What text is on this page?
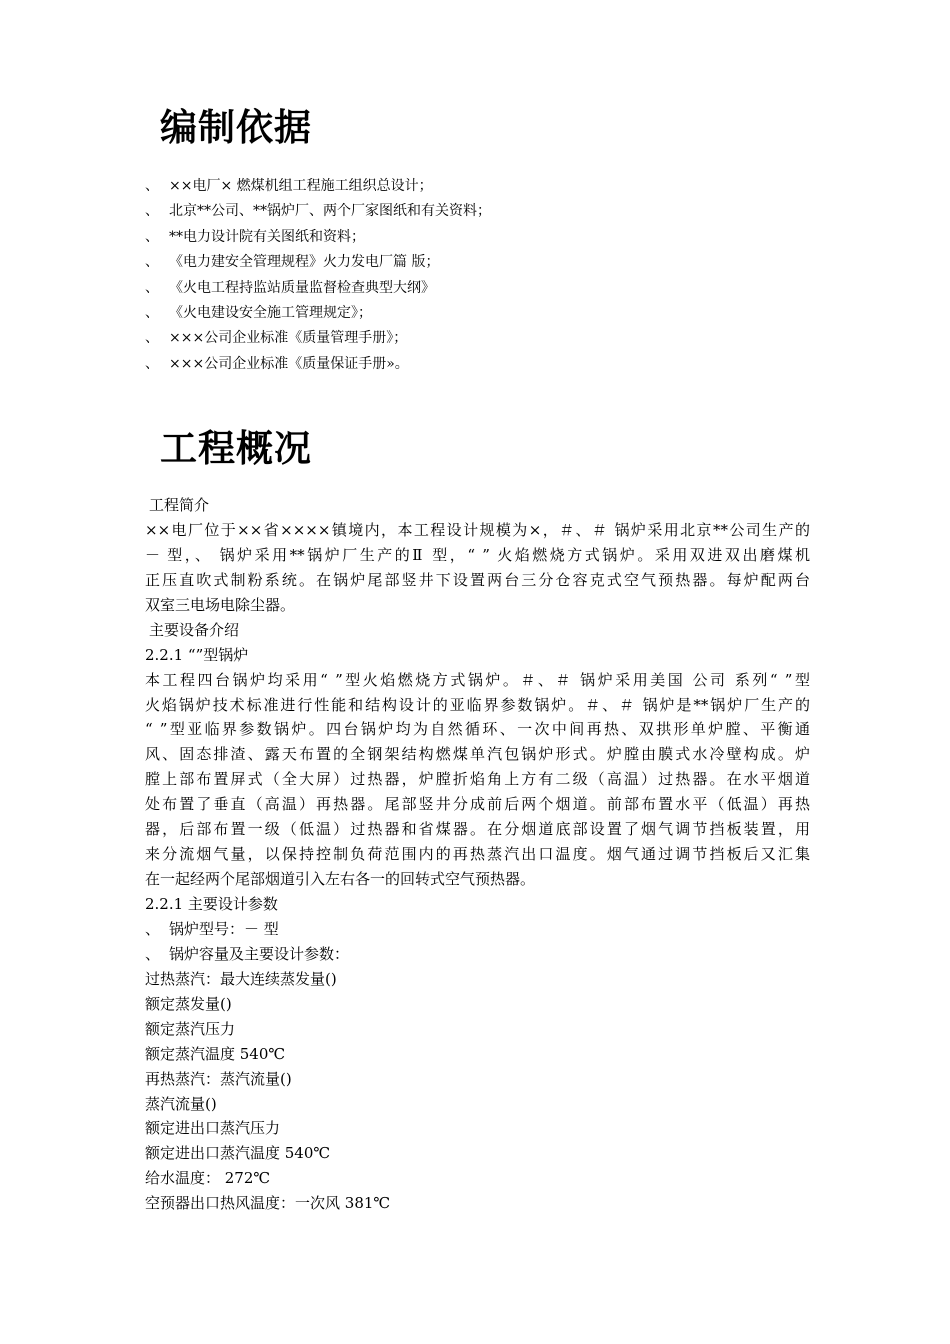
编制依据
、 ××电厂× 燃煤机组工程施工组织总设计；
、 北京**公司、**锅炉厂、两个厂家图纸和有关资料；
、 **电力设计院有关图纸和资料；
、 《电力建安全管理规程》火力发电厂篇 版；
、 《火电工程持监站质量监督检查典型大纲》
、 《火电建设安全施工管理规定》；
、 ×××公司企业标准《质量管理手册》；
、 ×××公司企业标准《质量保证手册»。
工程概况
工程简介
××电厂位于××省××××镇境内，本工程设计规模为×，＃、＃ 锅炉采用北京**公司生产的
－ 型，、 锅炉采用**锅炉厂生产的Ⅱ 型，“ ” 火焰燃烧方式锅炉。采用双进双出磨煤机
正压直吹式制粉系统。在锅炉尾部竖井下设置两台三分仓容克式空气预热器。每炉配两台
双室三电场电除尘器。
主要设备介绍
2.2.1 “”型锅炉
本工程四台锅炉均采用“ ”型火焰燃烧方式锅炉。＃、＃ 锅炉采用美国 公司 系列“ ”型
火焰锅炉技术标准进行性能和结构设计的亚临界参数锅炉。＃、＃ 锅炉是**锅炉厂生产的
“ ”型亚临界参数锅炉。四台锅炉均为自然循环、一次中间再热、双拱形单炉膛、平衡通
风、固态排渣、露天布置的全钢架结构燃煤单汽包锅炉形式。炉膛由膜式水冷壁构成。炉
膛上部布置屏式（全大屏）过热器，炉膛折焰角上方有二级（高温）过热器。在水平烟道
处布置了垂直（高温）再热器。尾部竖井分成前后两个烟道。前部布置水平（低温）再热
器，后部布置一级（低温）过热器和省煤器。在分烟道底部设置了烟气调节挡板装置，用
来分流烟气量，以保持控制负荷范围内的再热蒸汽出口温度。烟气通过调节挡板后又汇集
在一起经两个尾部烟道引入左右各一的回转式空气预热器。
2.2.1 主要设计参数
、 锅炉型号：－ 型
、 锅炉容量及主要设计参数：
过热蒸汽：最大连续蒸发量()
额定蒸发量()
额定蒸汽压力
额定蒸汽温度 540℃
再热蒸汽：蒸汽流量()
蒸汽流量()
额定进出口蒸汽压力
额定进出口蒸汽温度 540℃
给水温度： 272℃
空预器出口热风温度：一次风 381℃
